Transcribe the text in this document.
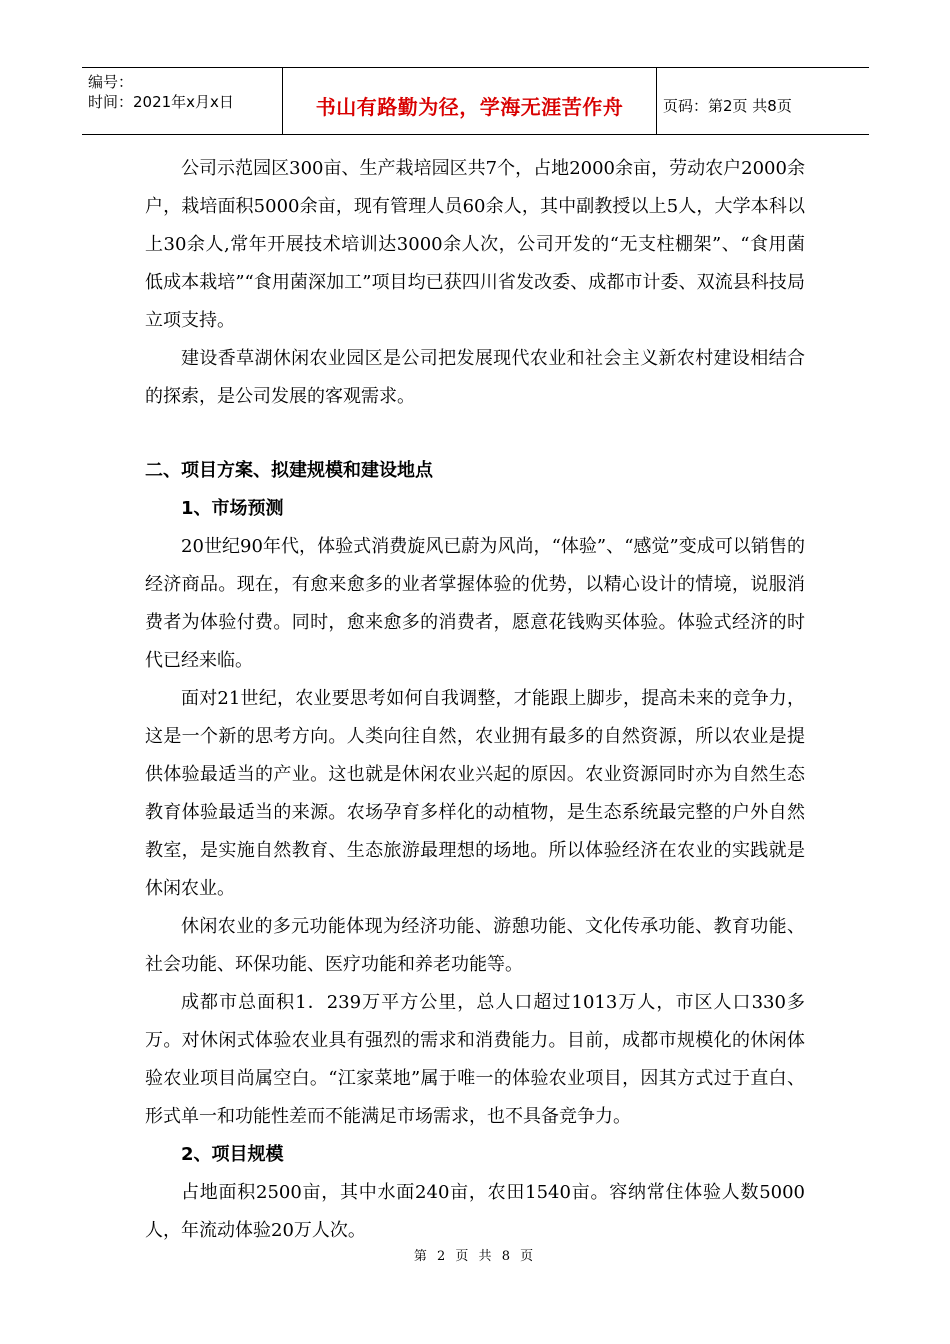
编号：
时间：2021年x月x日	书山有路勤为径，学海无涯苦作舟	页码：第2页 共8页

公司示范园区300亩、生产栽培园区共7个，占地2000余亩，劳动农户2000余户，栽培面积5000余亩，现有管理人员60余人，其中副教授以上5人，大学本科以上30余人,常年开展技术培训达3000余人次，公司开发的“无支柱棚架”、“食用菌低成本栽培”“食用菌深加工”项目均已获四川省发改委、成都市计委、双流县科技局立项支持。

建设香草湖休闲农业园区是公司把发展现代农业和社会主义新农村建设相结合的探索，是公司发展的客观需求。

二、项目方案、拟建规模和建设地点

1、市场预测

20世纪90年代，体验式消费旋风已蔚为风尚，“体验”、“感觉”变成可以销售的经济商品。现在，有愈来愈多的业者掌握体验的优势，以精心设计的情境，说服消费者为体验付费。同时，愈来愈多的消费者，愿意花钱购买体验。体验式经济的时代已经来临。

面对21世纪，农业要思考如何自我调整，才能跟上脚步，提高未来的竞争力，这是一个新的思考方向。人类向往自然，农业拥有最多的自然资源，所以农业是提供体验最适当的产业。这也就是休闲农业兴起的原因。农业资源同时亦为自然生态教育体验最适当的来源。农场孕育多样化的动植物，是生态系统最完整的户外自然教室，是实施自然教育、生态旅游最理想的场地。所以体验经济在农业的实践就是休闲农业。

休闲农业的多元功能体现为经济功能、游憩功能、文化传承功能、教育功能、社会功能、环保功能、医疗功能和养老功能等。

成都市总面积1．239万平方公里，总人口超过1013万人，市区人口330多万。对休闲式体验农业具有强烈的需求和消费能力。目前，成都市规模化的休闲体验农业项目尚属空白。“江家菜地”属于唯一的体验农业项目，因其方式过于直白、形式单一和功能性差而不能满足市场需求，也不具备竞争力。

2、项目规模

占地面积2500亩，其中水面240亩，农田1540亩。容纳常住体验人数5000人，年流动体验20万人次。

第 2 页 共 8 页
